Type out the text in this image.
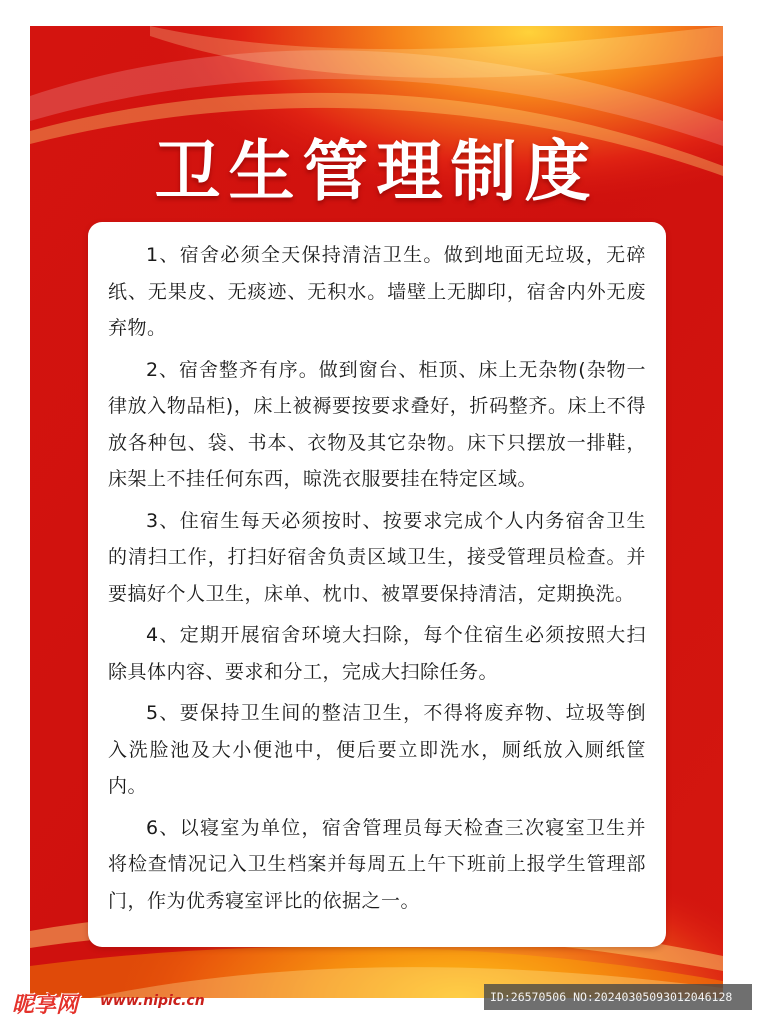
卫生管理制度
1、宿舍必须全天保持清洁卫生。做到地面无垃圾，无碎纸、无果皮、无痰迹、无积水。墙壁上无脚印，宿舍内外无废弃物。
2、宿舍整齐有序。做到窗台、柜顶、床上无杂物(杂物一律放入物品柜)，床上被褥要按要求叠好，折码整齐。床上不得放各种包、袋、书本、衣物及其它杂物。床下只摆放一排鞋，床架上不挂任何东西，晾洗衣服要挂在特定区域。
3、住宿生每天必须按时、按要求完成个人内务宿舍卫生的清扫工作，打扫好宿舍负责区域卫生，接受管理员检查。并要搞好个人卫生，床单、枕巾、被罩要保持清洁，定期换洗。
4、定期开展宿舍环境大扫除，每个住宿生必须按照大扫除具体内容、要求和分工，完成大扫除任务。
5、要保持卫生间的整洁卫生，不得将废弃物、垃圾等倒入洗脸池及大小便池中，便后要立即洗水，厕纸放入厕纸筐内。
6、以寝室为单位，宿舍管理员每天检查三次寝室卫生并将检查情况记入卫生档案并每周五上午下班前上报学生管理部门，作为优秀寝室评比的依据之一。
昵享网 www.nipic.cn	ID:26570506 NO:20240305093012046128
